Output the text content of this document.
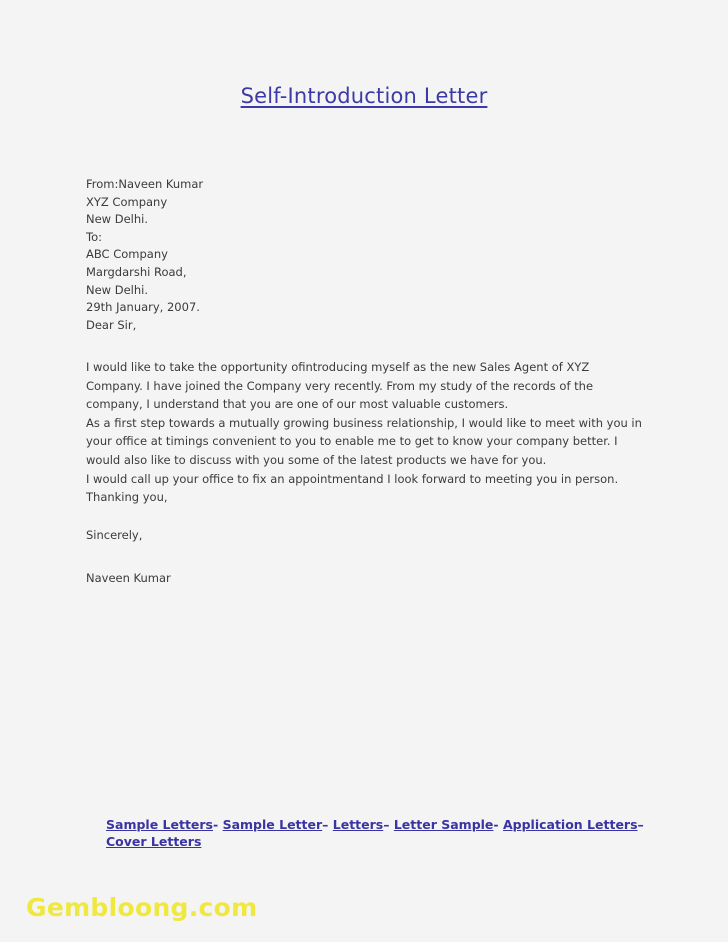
Self-Introduction Letter
From:Naveen Kumar
XYZ Company
New Delhi.
To:
ABC Company
Margdarshi Road,
New Delhi.
29th January, 2007.
Dear Sir,

I would like to take the opportunity ofintroducing myself as the new Sales Agent of XYZ Company. I have joined the Company very recently. From my study of the records of the company, I understand that you are one of our most valuable customers.

As a first step towards a mutually growing business relationship, I would like to meet with you in your office at timings convenient to you to enable me to get to know your company better. I would also like to discuss with you some of the latest products we have for you.

I would call up your office to fix an appointmentand I look forward to meeting you in person.

Thanking you,

Sincerely,
Naveen Kumar
Sample Letters- Sample Letter– Letters– Letter Sample- Application Letters– Cover Letters
Gembloong.com
